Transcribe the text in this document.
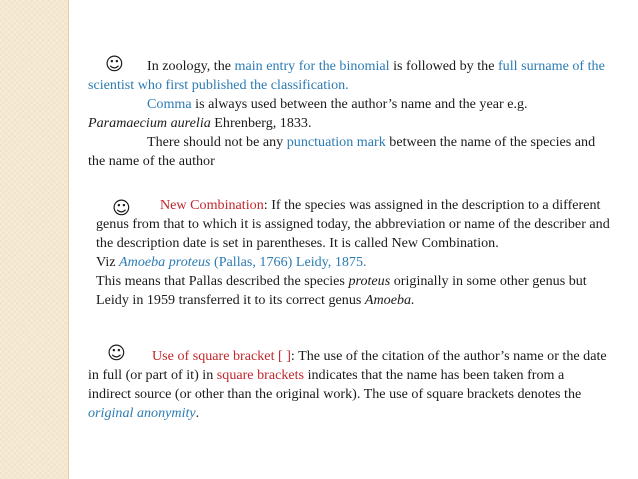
☺	In zoology, the main entry for the binomial is followed by the full surname of the scientist who first published the classification.

Comma is always used between the author’s name and the year e.g. Paramaecium aurelia Ehrenberg, 1833.

There should not be any punctuation mark between the name of the species and the name of the author

☺	New Combination: If the species was assigned in the description to a different genus from that to which it is assigned today, the abbreviation or name of the describer and the description date is set in parentheses. It is called New Combination.

Viz Amoeba proteus (Pallas, 1766) Leidy, 1875.

This means that Pallas described the species proteus originally in some other genus but Leidy in 1959 transferred it to its correct genus Amoeba.

☺	Use of square bracket [ ]: The use of the citation of the author’s name or the date in full (or part of it) in square brackets indicates that the name has been taken from a indirect source (or other than the original work). The use of square brackets denotes the original anonymity.
